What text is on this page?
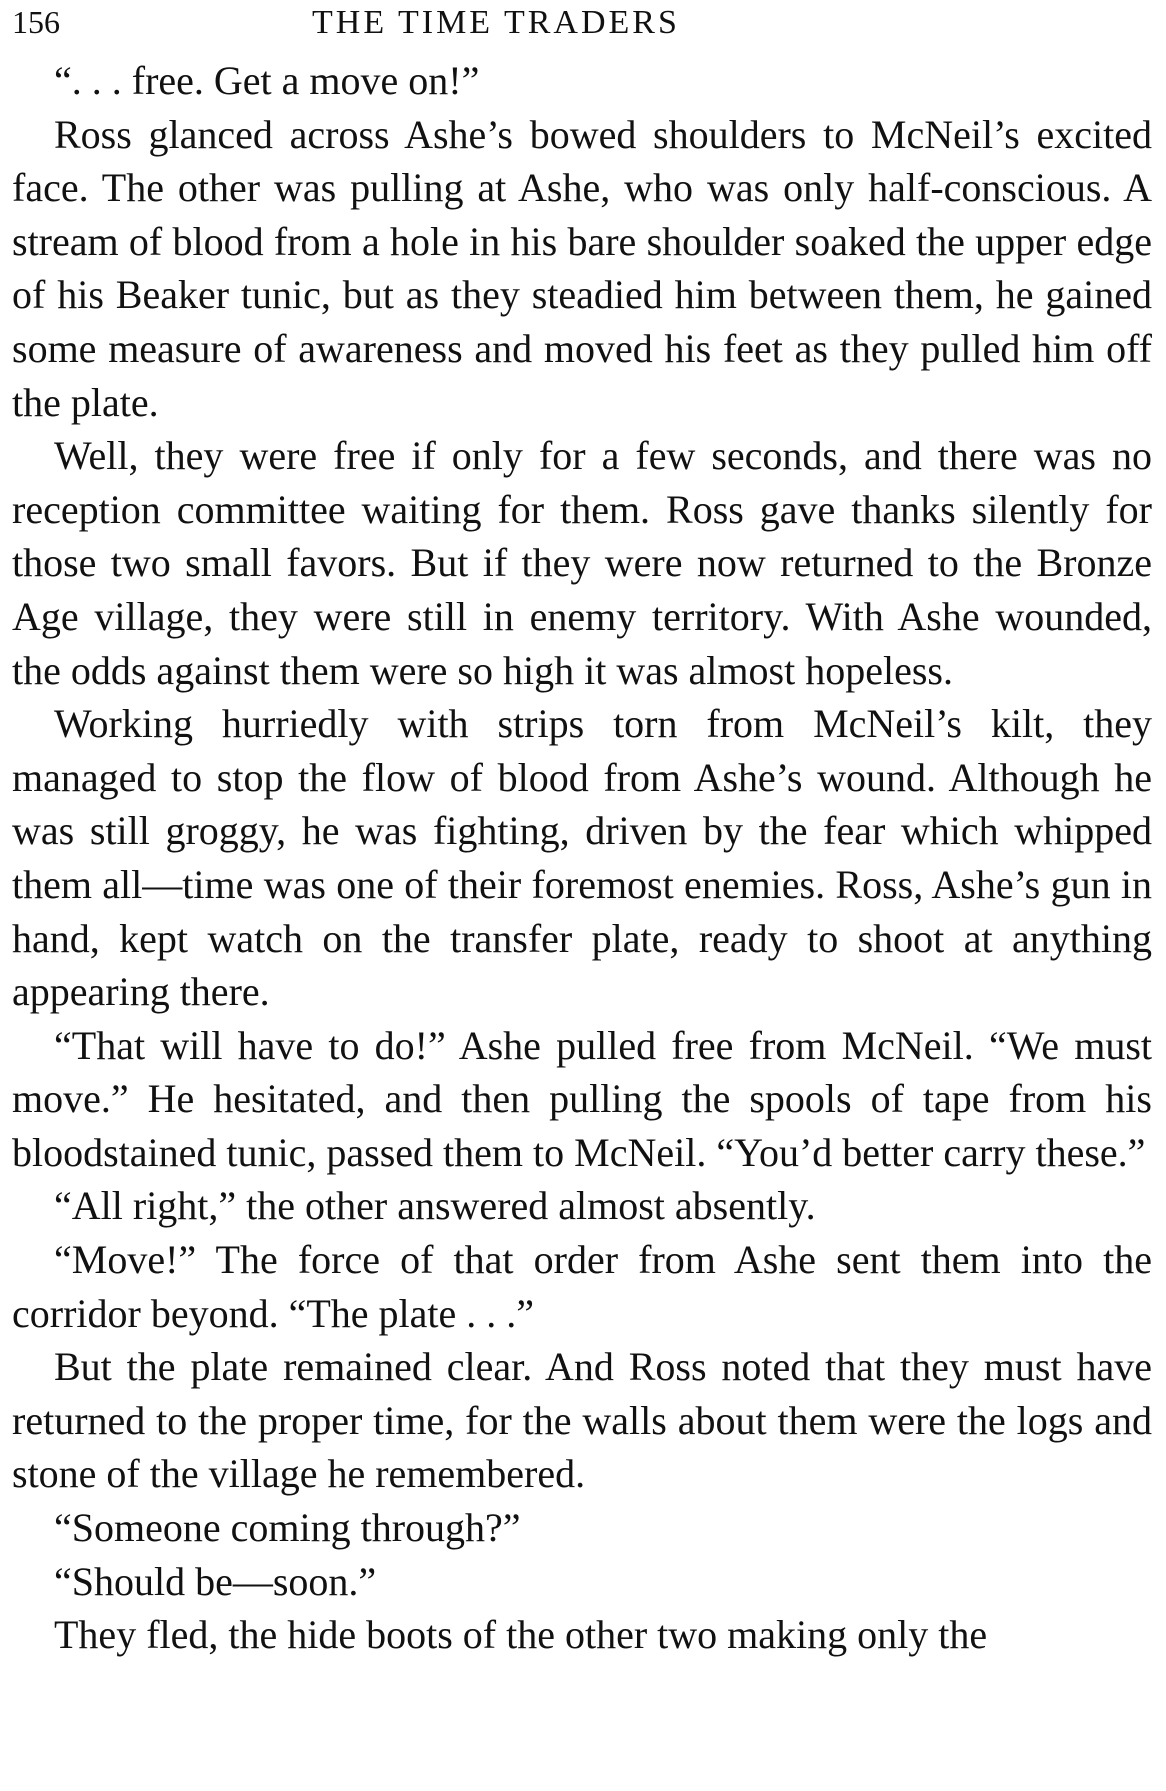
156	THE TIME TRADERS

“. . . free. Get a move on!”

Ross glanced across Ashe’s bowed shoulders to McNeil’s excited face. The other was pulling at Ashe, who was only half-conscious. A stream of blood from a hole in his bare shoulder soaked the upper edge of his Beaker tunic, but as they steadied him between them, he gained some measure of awareness and moved his feet as they pulled him off the plate.

Well, they were free if only for a few seconds, and there was no reception committee waiting for them. Ross gave thanks silently for those two small favors. But if they were now returned to the Bronze Age village, they were still in enemy territory. With Ashe wounded, the odds against them were so high it was almost hopeless.

Working hurriedly with strips torn from McNeil’s kilt, they managed to stop the flow of blood from Ashe’s wound. Although he was still groggy, he was fighting, driven by the fear which whipped them all—time was one of their foremost enemies. Ross, Ashe’s gun in hand, kept watch on the transfer plate, ready to shoot at anything appearing there.

“That will have to do!” Ashe pulled free from McNeil. “We must move.” He hesitated, and then pulling the spools of tape from his bloodstained tunic, passed them to McNeil. “You’d better carry these.”

“All right,” the other answered almost absently.

“Move!” The force of that order from Ashe sent them into the corridor beyond. “The plate . . .”

But the plate remained clear. And Ross noted that they must have returned to the proper time, for the walls about them were the logs and stone of the village he remembered.

“Someone coming through?”

“Should be—soon.”

They fled, the hide boots of the other two making only the
